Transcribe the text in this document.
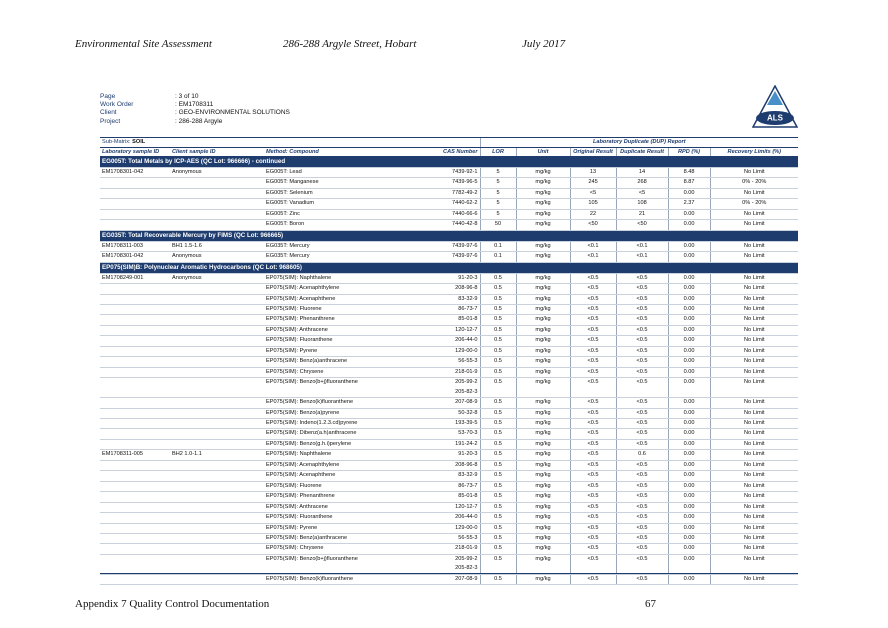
Environmental Site Assessment	286-288 Argyle Street, Hobart	July 2017
Page	: 3 of 10
Work Order	: EM1708311
Client	: GEO-ENVIRONMENTAL SOLUTIONS
Project	: 286-288 Argyle	ALS
Sub-Matrix: SOIL				Laboratory Duplicate (DUP) Report					
Laboratory sample ID	Client sample ID	Method: Compound	CAS Number	LOR	Unit	Original Result	Duplicate Result	RPD (%)	Recovery Limits (%)
EG005T: Total Metals by ICP-AES (QC Lot: 966666) - continued									
EM1708301-042	Anonymous	EG005T: Lead	7439-92-1	5	mg/kg	13	14	8.48	No Limit
		EG005T: Manganese	7439-96-5	5	mg/kg	245	268	8.87	0% - 20%
		EG005T: Selenium	7782-49-2	5	mg/kg	<5	<5	0.00	No Limit
		EG005T: Vanadium	7440-62-2	5	mg/kg	105	108	2.37	0% - 20%
		EG005T: Zinc	7440-66-6	5	mg/kg	22	21	0.00	No Limit
		EG005T: Boron	7440-42-8	50	mg/kg	<50	<50	0.00	No Limit
EG035T: Total Recoverable Mercury by FIMS (QC Lot: 966665)									
EM1708311-003	BH1 1.5-1.6	EG035T: Mercury	7439-97-6	0.1	mg/kg	<0.1	<0.1	0.00	No Limit
EM1708301-042	Anonymous	EG035T: Mercury	7439-97-6	0.1	mg/kg	<0.1	<0.1	0.00	No Limit
EP075(SIM)B: Polynuclear Aromatic Hydrocarbons (QC Lot: 968605)									
EM1708249-001	Anonymous	EP075(SIM): Naphthalene	91-20-3	0.5	mg/kg	<0.5	<0.5	0.00	No Limit
		EP075(SIM): Acenaphthylene	208-96-8	0.5	mg/kg	<0.5	<0.5	0.00	No Limit
		EP075(SIM): Acenaphthene	83-32-9	0.5	mg/kg	<0.5	<0.5	0.00	No Limit
		EP075(SIM): Fluorene	86-73-7	0.5	mg/kg	<0.5	<0.5	0.00	No Limit
		EP075(SIM): Phenanthrene	85-01-8	0.5	mg/kg	<0.5	<0.5	0.00	No Limit
		EP075(SIM): Anthracene	120-12-7	0.5	mg/kg	<0.5	<0.5	0.00	No Limit
		EP075(SIM): Fluoranthene	206-44-0	0.5	mg/kg	<0.5	<0.5	0.00	No Limit
		EP075(SIM): Pyrene	129-00-0	0.5	mg/kg	<0.5	<0.5	0.00	No Limit
		EP075(SIM): Benz(a)anthracene	56-55-3	0.5	mg/kg	<0.5	<0.5	0.00	No Limit
		EP075(SIM): Chrysene	218-01-9	0.5	mg/kg	<0.5	<0.5	0.00	No Limit
		EP075(SIM): Benzo(b+j)fluoranthene	205-99-2
205-82-3	0.5	mg/kg	<0.5	<0.5	0.00	No Limit
		EP075(SIM): Benzo(k)fluoranthene	207-08-9	0.5	mg/kg	<0.5	<0.5	0.00	No Limit
		EP075(SIM): Benzo(a)pyrene	50-32-8	0.5	mg/kg	<0.5	<0.5	0.00	No Limit
		EP075(SIM): Indeno(1.2.3.cd)pyrene	193-39-5	0.5	mg/kg	<0.5	<0.5	0.00	No Limit
		EP075(SIM): Dibenz(a.h)anthracene	53-70-3	0.5	mg/kg	<0.5	<0.5	0.00	No Limit
		EP075(SIM): Benzo(g.h.i)perylene	191-24-2	0.5	mg/kg	<0.5	<0.5	0.00	No Limit
EM1708311-005	BH2 1.0-1.1	EP075(SIM): Naphthalene	91-20-3	0.5	mg/kg	<0.5	0.6	0.00	No Limit
		EP075(SIM): Acenaphthylene	208-96-8	0.5	mg/kg	<0.5	<0.5	0.00	No Limit
		EP075(SIM): Acenaphthene	83-32-9	0.5	mg/kg	<0.5	<0.5	0.00	No Limit
		EP075(SIM): Fluorene	86-73-7	0.5	mg/kg	<0.5	<0.5	0.00	No Limit
		EP075(SIM): Phenanthrene	85-01-8	0.5	mg/kg	<0.5	<0.5	0.00	No Limit
		EP075(SIM): Anthracene	120-12-7	0.5	mg/kg	<0.5	<0.5	0.00	No Limit
		EP075(SIM): Fluoranthene	206-44-0	0.5	mg/kg	<0.5	<0.5	0.00	No Limit
		EP075(SIM): Pyrene	129-00-0	0.5	mg/kg	<0.5	<0.5	0.00	No Limit
		EP075(SIM): Benz(a)anthracene	56-55-3	0.5	mg/kg	<0.5	<0.5	0.00	No Limit
		EP075(SIM): Chrysene	218-01-9	0.5	mg/kg	<0.5	<0.5	0.00	No Limit
		EP075(SIM): Benzo(b+j)fluoranthene	205-99-2
205-82-3	0.5	mg/kg	<0.5	<0.5	0.00	No Limit
		EP075(SIM): Benzo(k)fluoranthene	207-08-9	0.5	mg/kg	<0.5	<0.5	0.00	No Limit
Appendix 7 Quality Control Documentation	67
